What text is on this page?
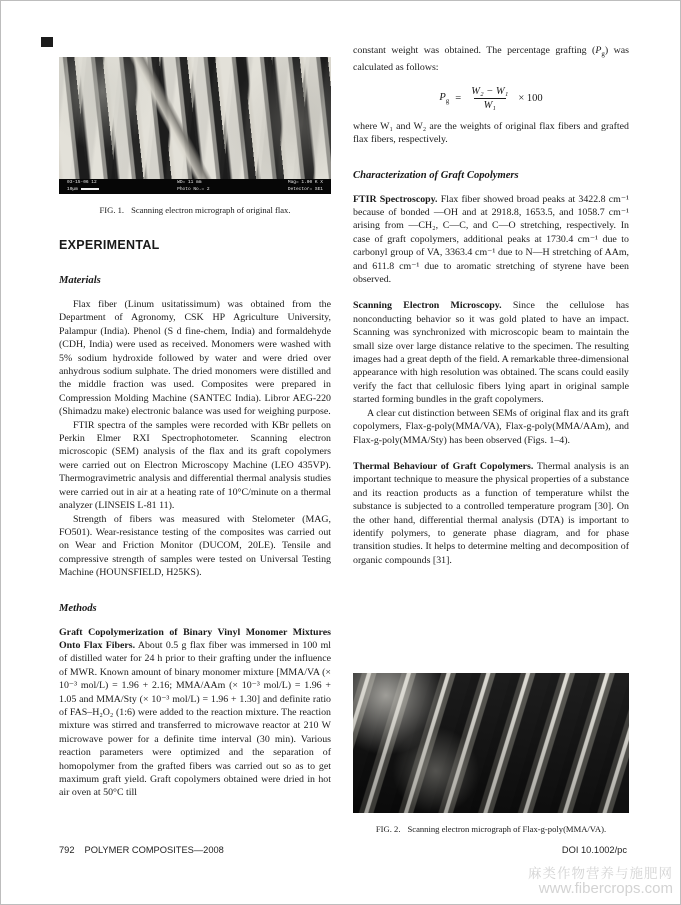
03-15-06 12
10µm
WD= 11 mm
Photo No.= 2
Mag= 1.00 K X
Detector= SE1

FIG. 1. Scanning electron micrograph of original flax.

EXPERIMENTAL
Materials

Flax fiber (Linum usitatissimum) was obtained from the Department of Agronomy, CSK HP Agriculture University, Palampur (India). Phenol (S d fine-chem, India) and formaldehyde (CDH, India) were used as received. Monomers were washed with 5% sodium hydroxide followed by water and were dried over anhydrous sodium sulphate. The dried monomers were distilled and the middle fraction was used. Composites were prepared in Compression Molding Machine (SANTEC India). Libror AEG-220 (Shimadzu make) electronic balance was used for weighing purpose.

FTIR spectra of the samples were recorded with KBr pellets on Perkin Elmer RXI Spectrophotometer. Scanning electron microscopic (SEM) analysis of the flax and its graft copolymers were carried out on Electron Microscopy Machine (LEO 435VP). Thermogravimetric analysis and differential thermal analysis studies were carried out in air at a heating rate of 10°C/minute on a thermal analyzer (LINSEIS L-81 11).

Strength of fibers was measured with Stelometer (MAG, FO501). Wear-resistance testing of the composites was carried out on Wear and Friction Monitor (DUCOM, 20LE). Tensile and compressive strength of samples were tested on Universal Testing Machine (HOUNSFIELD, H25KS).

Methods

Graft Copolymerization of Binary Vinyl Monomer Mixtures Onto Flax Fibers. About 0.5 g flax fiber was immersed in 100 ml of distilled water for 24 h prior to their grafting under the influence of MWR. Known amount of binary monomer mixture [MMA/VA (× 10⁻³ mol/L) = 1.96 + 2.16; MMA/AAm (× 10⁻³ mol/L) = 1.96 + 1.05 and MMA/Sty (× 10⁻³ mol/L) = 1.96 + 1.30] and definite ratio of FAS–H₂O₂ (1:6) were added to the reaction mixture. The reaction mixture was stirred and transferred to microwave reactor at 210 W microwave power for a definite time interval (30 min). Various reaction parameters were optimized and the separation of homopolymer from the grafted fibers was carried out so as to get maximum graft yield. Graft copolymers obtained were dried in hot air oven at 50°C till

constant weight was obtained. The percentage grafting $(P_g)$ was calculated as follows:

$P_g = \frac{\text{W₂ − W₁}}{\text{W₁}} \times 100$

where W₁ and W₂ are the weights of original flax fibers and grafted flax fibers, respectively.

Characterization of Graft Copolymers

FTIR Spectroscopy. Flax fiber showed broad peaks at 3422.8 cm⁻¹ because of bonded —OH and at 2918.8, 1653.5, and 1058.7 cm⁻¹ arising from —CH₂, C—C, and C—O stretching, respectively. In case of graft copolymers, additional peaks at 1730.4 cm⁻¹ due to carbonyl group of VA, 3363.4 cm⁻¹ due to N—H stretching of AAm, and 611.8 cm⁻¹ due to aromatic stretching of styrene have been observed.

Scanning Electron Microscopy. Since the cellulose has nonconducting behavior so it was gold plated to have an impact. Scanning was synchronized with microscopic beam to maintain the small size over large distance relative to the specimen. The resulting images had a great depth of the field. A remarkable three-dimensional appearance with high resolution was obtained. The scans could easily verify the fact that cellulosic fibers lying apart in original sample started forming bundles in the graft copolymers.

A clear cut distinction between SEMs of original flax and its graft copolymers, Flax-g-poly(MMA/VA), Flax-g-poly(MMA/AAm), and Flax-g-poly(MMA/Sty) has been observed (Figs. 1–4).

Thermal Behaviour of Graft Copolymers. Thermal analysis is an important technique to measure the physical properties of a substance and its reaction products as a function of temperature whilst the substance is subjected to a controlled temperature program [30]. On the other hand, differential thermal analysis (DTA) is important to identify polymers, to generate phase diagram, and for phase transition studies. It helps to determine melting and decomposition of organic compounds [31].

FIG. 2. Scanning electron micrograph of Flax-g-poly(MMA/VA).

792 POLYMER COMPOSITES—2008	DOI 10.1002/pc
麻类作物营养与施肥网
www.fibercrops.com
